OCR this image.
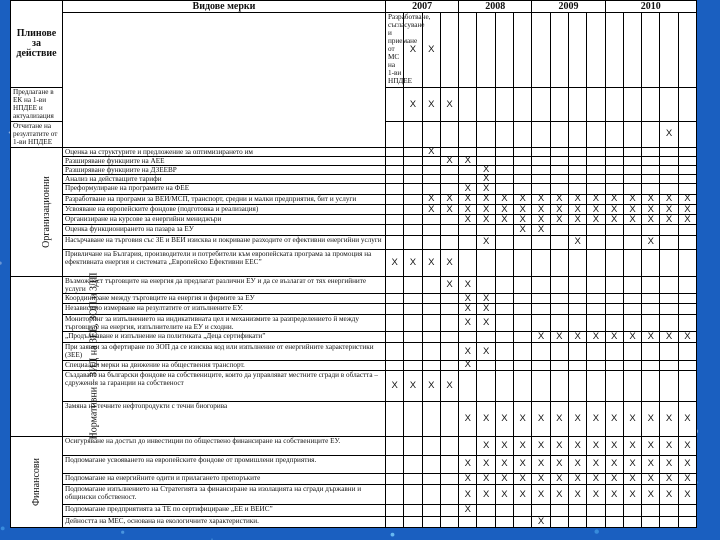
Плинове за действие	Видове мерки	2007				2008				2009				2010					
		Разработване, съгласуване и приемане от МС на 1-ви НПДЕЕ	X	X															
Предлагане в ЕК на 1-ви НПДЕЕ и актуализация			X	X	X														
Отчитане на резултатите от 1-ви НПДЕЕ																	X		
Организационни	Оценка на структурите и предложение за оптимизирането им			X															
	Разширяване функциите на АЕЕ				X	X													
	Разширяване функциите на ДЗЕЕВР						X												
	Анализ на действащите тарифи						X												
	Преформулиране на програмите на ФЕЕ					X	X												
	Разработване на програми за ВЕИ/МСП, транспорт, средни и малки предприятия, бит и услуги			X	X	X	X	X	X	X	X	X	X	X	X	X	X	X	
	Усвояване на европейските фондове (подготовка и реализация)			X	X	X	X	X	X	X	X	X	X	X	X	X	X	X	
	Организиране на курсове за енергийни мениджъри					X	X	X	X	X	X	X	X	X	X	X	X	X	
	Оценка функционирането на пазара за ЕУ								X	X									
	Насърчаване на търговия със ЗЕ и ВЕИ изисква и покриване разходите от ефективни енергийни услуги						X					X				X			
	Привличане на България, производители и потребители към европейската програма за промоция на ефективната енергия и системата „Европейско Ефективни ЕЕС”	X	X	X	X														
Нормативни – ЗИД на ЗЕЕ, ЗОП и ЗДП	Възможност търговците на енергия да предлагат различни ЕУ и да се възлагат от тях енергийните услуги				X	X													
	Координиране между търговците на енергия и фирмите за ЕУ					X	X												
	Независимо измерване на резултатите от изпълнените ЕУ.					X	X												
	Мониторинг за изпълнението на индикативната цел и механизмите за разпределението й между търговците на енергия, изпълнителите на ЕУ и сходни.					X	X												
	„Продължаване и изпълнение на политиката „Деца сертификати”									X	X	X	X	X	X	X	X	X	
	При заявки за офертиране по ЗОП да се изисква код или изпълнение от енергийните характеристики (ЗЕЕ)					X	X												
	Специални мерки на движение на обществения транспорт.					X													
	Създаване на български фондове на собствениците, които да управляват местните сгради в областта – сдружения за гаранции на собственост	X	X	X	X														
	Замяна на течните нефтопродукти с течни биогорива					X	X	X	X	X	X	X	X	X	X	X	X	X	
Финансови	Осигуряване на достъп до инвестиции по обществено финансиране на собствениците ЕУ.						X	X	X	X	X	X	X	X	X	X	X	X	
	Подпомагане усвояването на европейските фондове от промишлени предприятия.					X	X	X	X	X	X	X	X	X	X	X	X	X	
	Подпомагане на енергийните одити и прилагането препоръките					X	X	X	X	X	X	X	X	X	X	X	X	X	
	Подпомагане изпълнението на Стратегията за финансиране на изолацията на сгради държавни и общински собственост.					X	X	X	X	X	X	X	X	X	X	X	X	X	
	Подпомагане предприятията за ТЕ по сертифициране „ЕЕ и ВЕИС”					X													
	Дейността на МЕС, основана на екологичните характеристики.									X									
